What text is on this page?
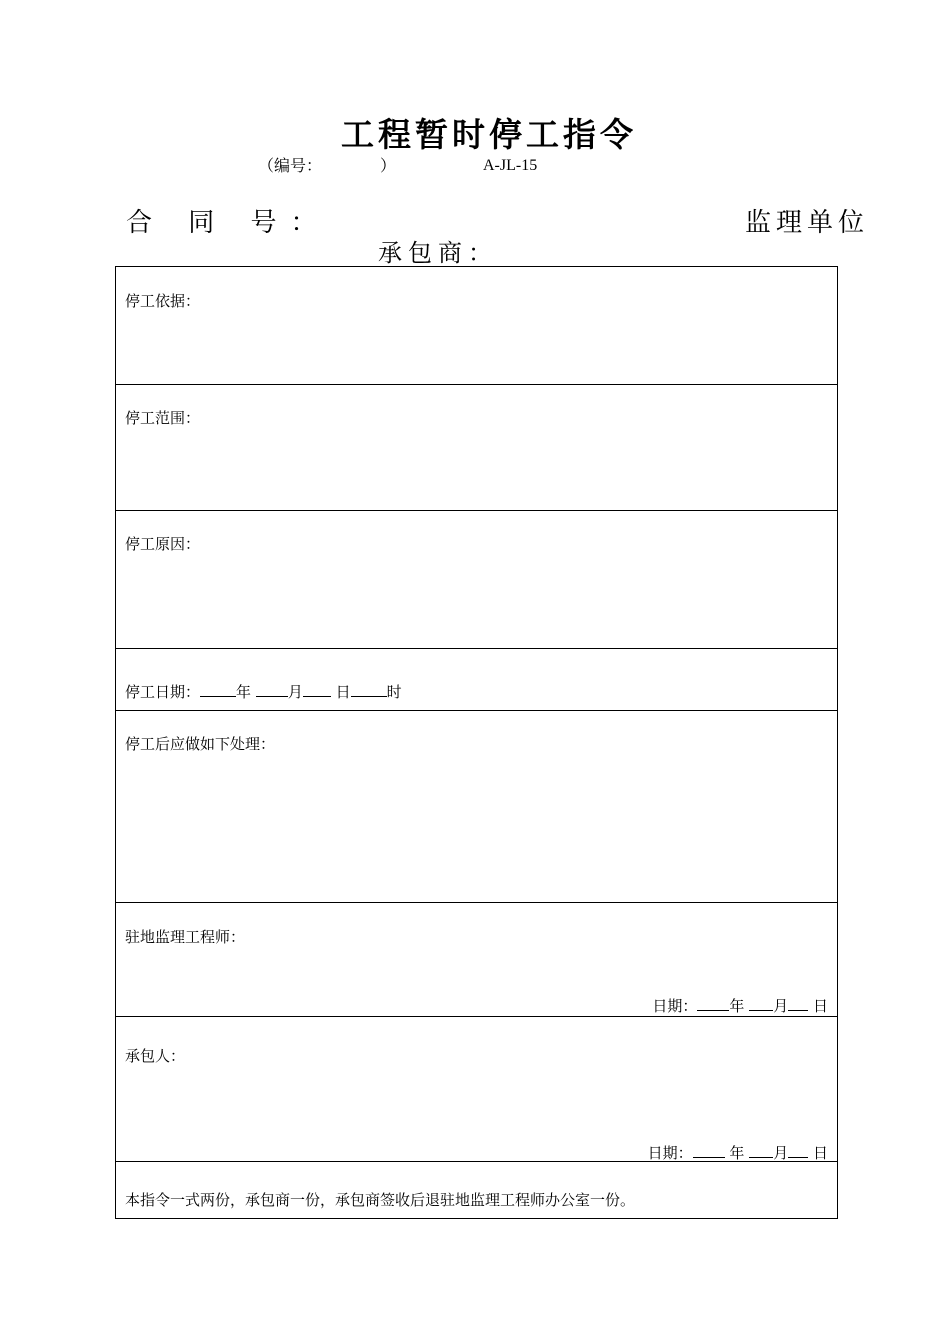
工程暂时停工指令
（编号：	）	A-JL-15
合 同 号：	监理单位
承包商：
停工依据：
停工范围：
停工原因：
停工日期： 年 月 日 时
停工后应做如下处理：
驻地监理工程师：
日期： 年 月 日
承包人：
日期： 年 月 日
本指令一式两份，承包商一份，承包商签收后退驻地监理工程师办公室一份。
